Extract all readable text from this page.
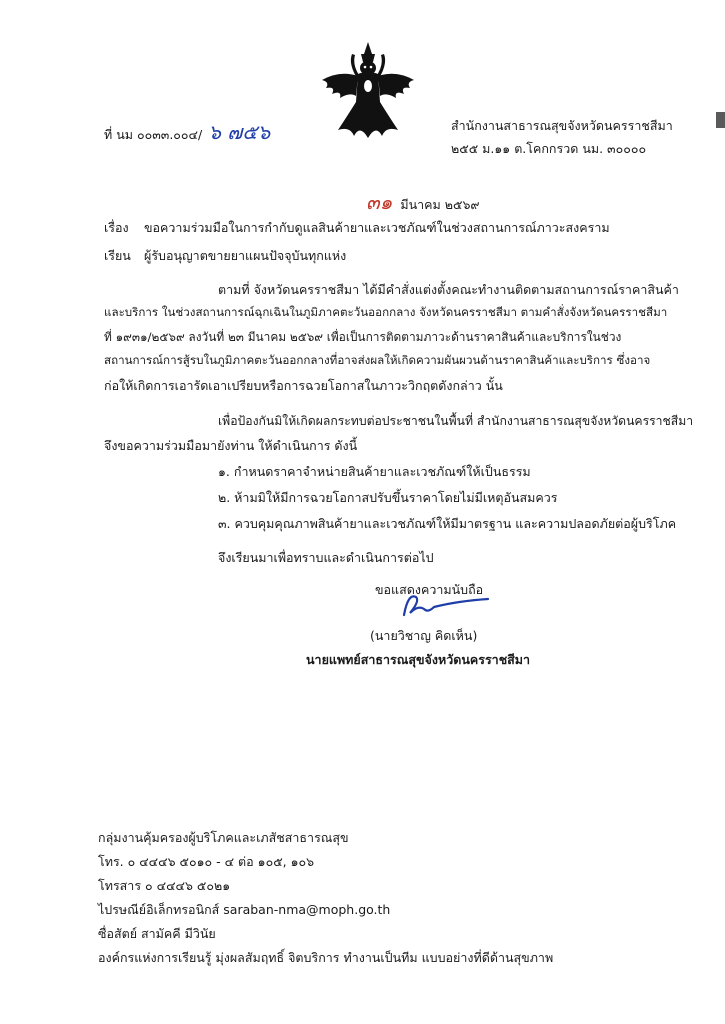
ที่ นม ๐๐๓๓.๐๐๔/ ๖ ๗๕๖	สำนักงานสาธารณสุขจังหวัดนครราชสีมา
๒๕๕ ม.๑๑ ต.โคกกรวด นม. ๓๐๐๐๐
๓๑ มีนาคม ๒๕๖๙
เรื่อง ขอความร่วมมือในการกำกับดูแลสินค้ายาและเวชภัณฑ์ในช่วงสถานการณ์ภาวะสงคราม
เรียน ผู้รับอนุญาตขายยาแผนปัจจุบันทุกแห่ง
ตามที่ จังหวัดนครราชสีมา ได้มีคำสั่งแต่งตั้งคณะทำงานติดตามสถานการณ์ราคาสินค้า
และบริการ ในช่วงสถานการณ์ฉุกเฉินในภูมิภาคตะวันออกกลาง จังหวัดนครราชสีมา ตามคำสั่งจังหวัดนครราชสีมา
ที่ ๑๙๓๑/๒๕๖๙ ลงวันที่ ๒๓ มีนาคม ๒๕๖๙ เพื่อเป็นการติดตามภาวะด้านราคาสินค้าและบริการในช่วง
สถานการณ์การสู้รบในภูมิภาคตะวันออกกลางที่อาจส่งผลให้เกิดความผันผวนด้านราคาสินค้าและบริการ ซึ่งอาจ
ก่อให้เกิดการเอารัดเอาเปรียบหรือการฉวยโอกาสในภาวะวิกฤตดังกล่าว นั้น
เพื่อป้องกันมิให้เกิดผลกระทบต่อประชาชนในพื้นที่ สำนักงานสาธารณสุขจังหวัดนครราชสีมา
จึงขอความร่วมมือมายังท่าน ให้ดำเนินการ ดังนี้
๑. กำหนดราคาจำหน่ายสินค้ายาและเวชภัณฑ์ให้เป็นธรรม
๒. ห้ามมิให้มีการฉวยโอกาสปรับขึ้นราคาโดยไม่มีเหตุอันสมควร
๓. ควบคุมคุณภาพสินค้ายาและเวชภัณฑ์ให้มีมาตรฐาน และความปลอดภัยต่อผู้บริโภค
จึงเรียนมาเพื่อทราบและดำเนินการต่อไป
ขอแสดงความนับถือ
(นายวิชาญ คิดเห็น)
นายแพทย์สาธารณสุขจังหวัดนครราชสีมา
กลุ่มงานคุ้มครองผู้บริโภคและเภสัชสาธารณสุข
โทร. ๐ ๔๔๔๖ ๕๐๑๐ - ๔ ต่อ ๑๐๕, ๑๐๖
โทรสาร ๐ ๔๔๔๖ ๕๐๒๑
ไปรษณีย์อิเล็กทรอนิกส์ saraban-nma@moph.go.th
ซื่อสัตย์ สามัคคี มีวินัย
องค์กรแห่งการเรียนรู้ มุ่งผลสัมฤทธิ์ จิตบริการ ทำงานเป็นทีม แบบอย่างที่ดีด้านสุขภาพ
